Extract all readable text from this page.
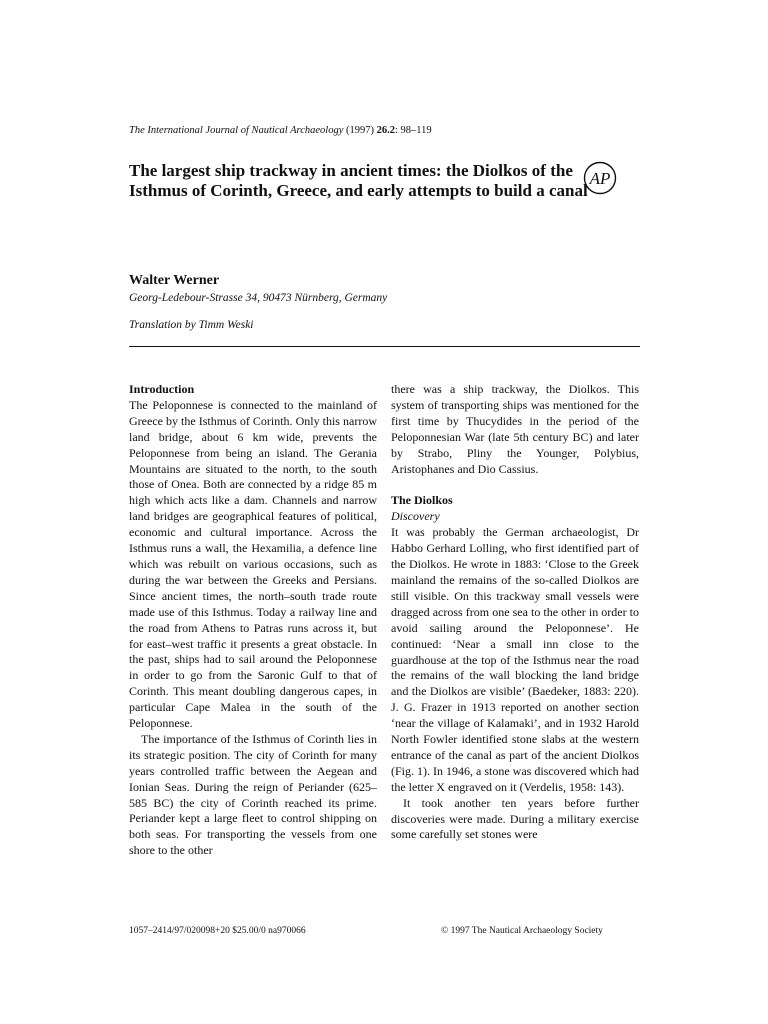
The International Journal of Nautical Archaeology (1997) 26.2: 98–119
The largest ship trackway in ancient times: the Diolkos of the Isthmus of Corinth, Greece, and early attempts to build a canal
AP
Walter Werner
Georg-Ledebour-Strasse 34, 90473 Nürnberg, Germany
Translation by Timm Weski
Introduction

The Peloponnese is connected to the mainland of Greece by the Isthmus of Corinth. Only this narrow land bridge, about 6 km wide, prevents the Peloponnese from being an island. The Gerania Mountains are situated to the north, to the south those of Onea. Both are connected by a ridge 85 m high which acts like a dam. Channels and narrow land bridges are geographical features of political, economic and cultural importance. Across the Isthmus runs a wall, the Hexamilia, a defence line which was rebuilt on various occasions, such as during the war between the Greeks and Persians. Since ancient times, the north–south trade route made use of this Isthmus. Today a railway line and the road from Athens to Patras runs across it, but for east–west traffic it presents a great obstacle. In the past, ships had to sail around the Peloponnese in order to go from the Saronic Gulf to that of Corinth. This meant doubling dangerous capes, in particular Cape Malea in the south of the Peloponnese.

The importance of the Isthmus of Corinth lies in its strategic position. The city of Corinth for many years controlled traffic between the Aegean and Ionian Seas. During the reign of Periander (625–585 BC) the city of Corinth reached its prime. Periander kept a large fleet to control shipping on both seas. For transporting the vessels from one shore to the other

there was a ship trackway, the Diolkos. This system of transporting ships was mentioned for the first time by Thucydides in the period of the Peloponnesian War (late 5th century BC) and later by Strabo, Pliny the Younger, Polybius, Aristophanes and Dio Cassius.

The Diolkos
Discovery

It was probably the German archaeologist, Dr Habbo Gerhard Lolling, who first identified part of the Diolkos. He wrote in 1883: ‘Close to the Greek mainland the remains of the so-called Diolkos are still visible. On this trackway small vessels were dragged across from one sea to the other in order to avoid sailing around the Peloponnese’. He continued: ‘Near a small inn close to the guardhouse at the top of the Isthmus near the road the remains of the wall blocking the land bridge and the Diolkos are visible’ (Baedeker, 1883: 220). J. G. Frazer in 1913 reported on another section ‘near the village of Kalamaki’, and in 1932 Harold North Fowler identified stone slabs at the western entrance of the canal as part of the ancient Diolkos (Fig. 1). In 1946, a stone was discovered which had the letter X engraved on it (Verdelis, 1958: 143).

It took another ten years before further discoveries were made. During a military exercise some carefully set stones were

1057–2414/97/020098+20 $25.00/0 na970066	© 1997 The Nautical Archaeology Society
